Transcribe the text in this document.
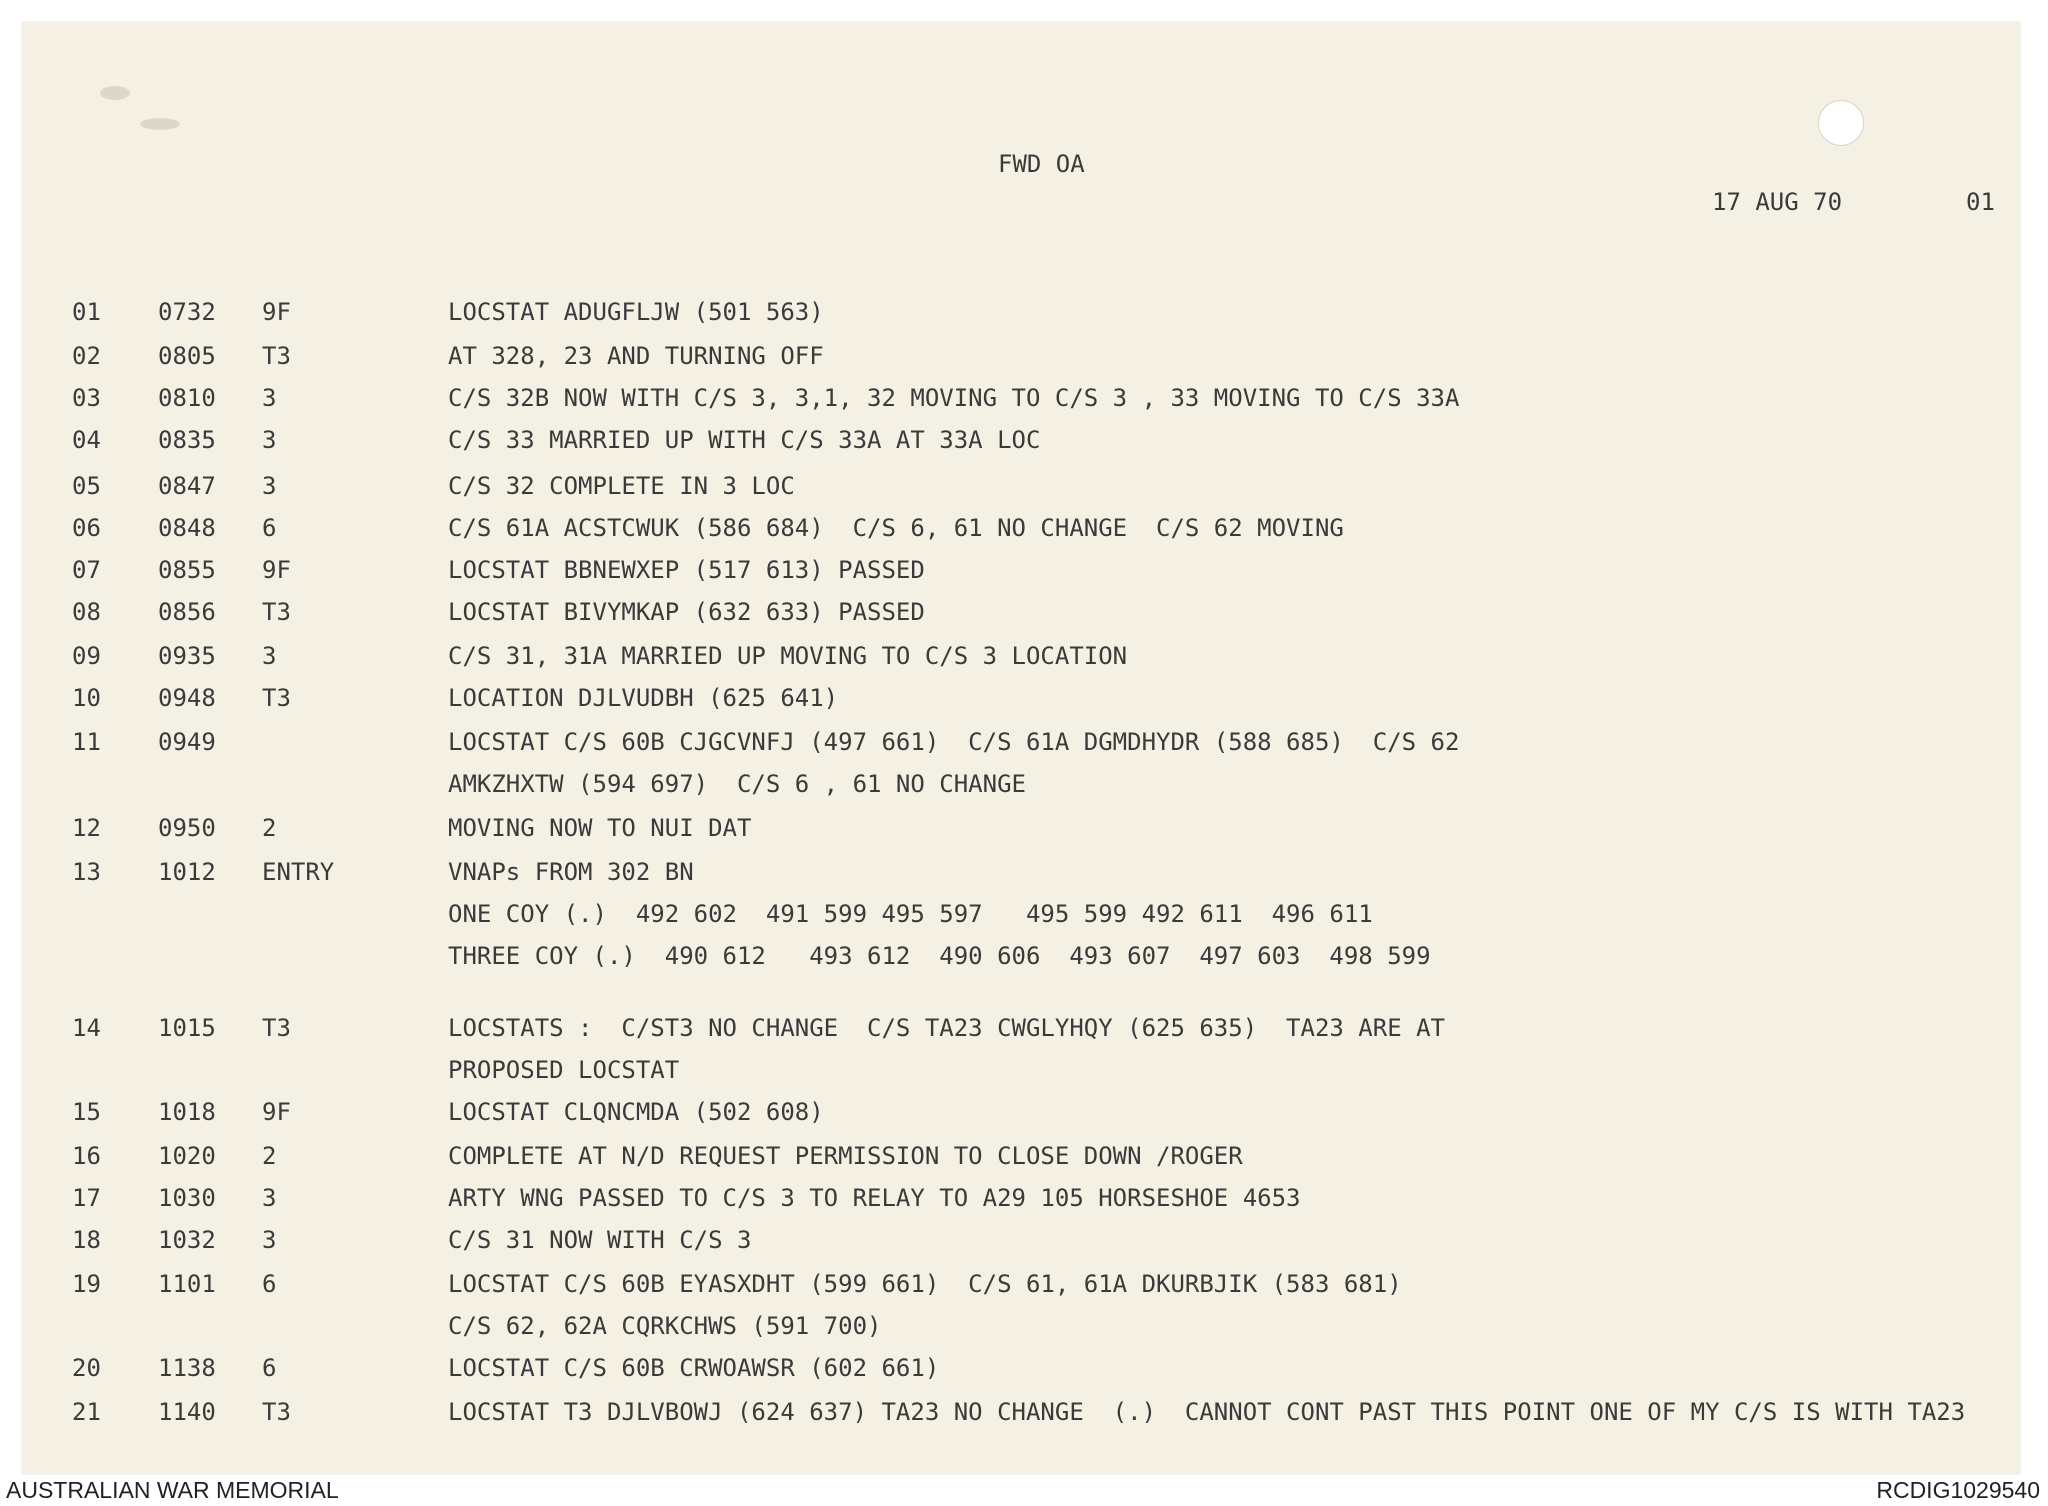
FWD OA
17 AUG 70	01
01 0732 9F	LOCSTAT ADUGFLJW (501 563)
02 0805 T3	AT 328, 23 AND TURNING OFF
03 0810 3	C/S 32B NOW WITH C/S 3, 3,1, 32 MOVING TO C/S 3 , 33 MOVING TO C/S 33A
04 0835 3	C/S 33 MARRIED UP WITH C/S 33A AT 33A LOC
05 0847 3	C/S 32 COMPLETE IN 3 LOC
06 0848 6	C/S 61A ACSTCWUK (586 684)  C/S 6, 61 NO CHANGE  C/S 62 MOVING
07 0855 9F	LOCSTAT BBNEWXEP (517 613) PASSED
08 0856 T3	LOCSTAT BIVYMKAP (632 633) PASSED
09 0935 3	C/S 31, 31A MARRIED UP MOVING TO C/S 3 LOCATION
10 0948 T3	LOCATION DJLVUDBH (625 641)
11 0949	LOCSTAT C/S 60B CJGCVNFJ (497 661)  C/S 61A DGMDHYDR (588 685)  C/S 62
AMKZHXTW (594 697)  C/S 6 , 61 NO CHANGE
12 0950 2	MOVING NOW TO NUI DAT
13 1012 ENTRY	VNAPs FROM 302 BN
ONE COY (.)  492 602  491 599 495 597   495 599 492 611  496 611
THREE COY (.)  490 612   493 612  490 606  493 607  497 603  498 599
14 1015 T3	LOCSTATS :  C/ST3 NO CHANGE  C/S TA23 CWGLYHQY (625 635)  TA23 ARE AT
PROPOSED LOCSTAT
15 1018 9F	LOCSTAT CLQNCMDA (502 608)
16 1020 2	COMPLETE AT N/D REQUEST PERMISSION TO CLOSE DOWN /ROGER
17 1030 3	ARTY WNG PASSED TO C/S 3 TO RELAY TO A29 105 HORSESHOE 4653
18 1032 3	C/S 31 NOW WITH C/S 3
19 1101 6	LOCSTAT C/S 60B EYASXDHT (599 661)  C/S 61, 61A DKURBJIK (583 681)
C/S 62, 62A CQRKCHWS (591 700)
20 1138 6	LOCSTAT C/S 60B CRWOAWSR (602 661)
21 1140 T3	LOCSTAT T3 DJLVBOWJ (624 637) TA23 NO CHANGE  (.)  CANNOT CONT PAST THIS POINT ONE OF MY C/S IS WITH TA23
AUSTRALIAN WAR MEMORIAL	RCDIG1029540
